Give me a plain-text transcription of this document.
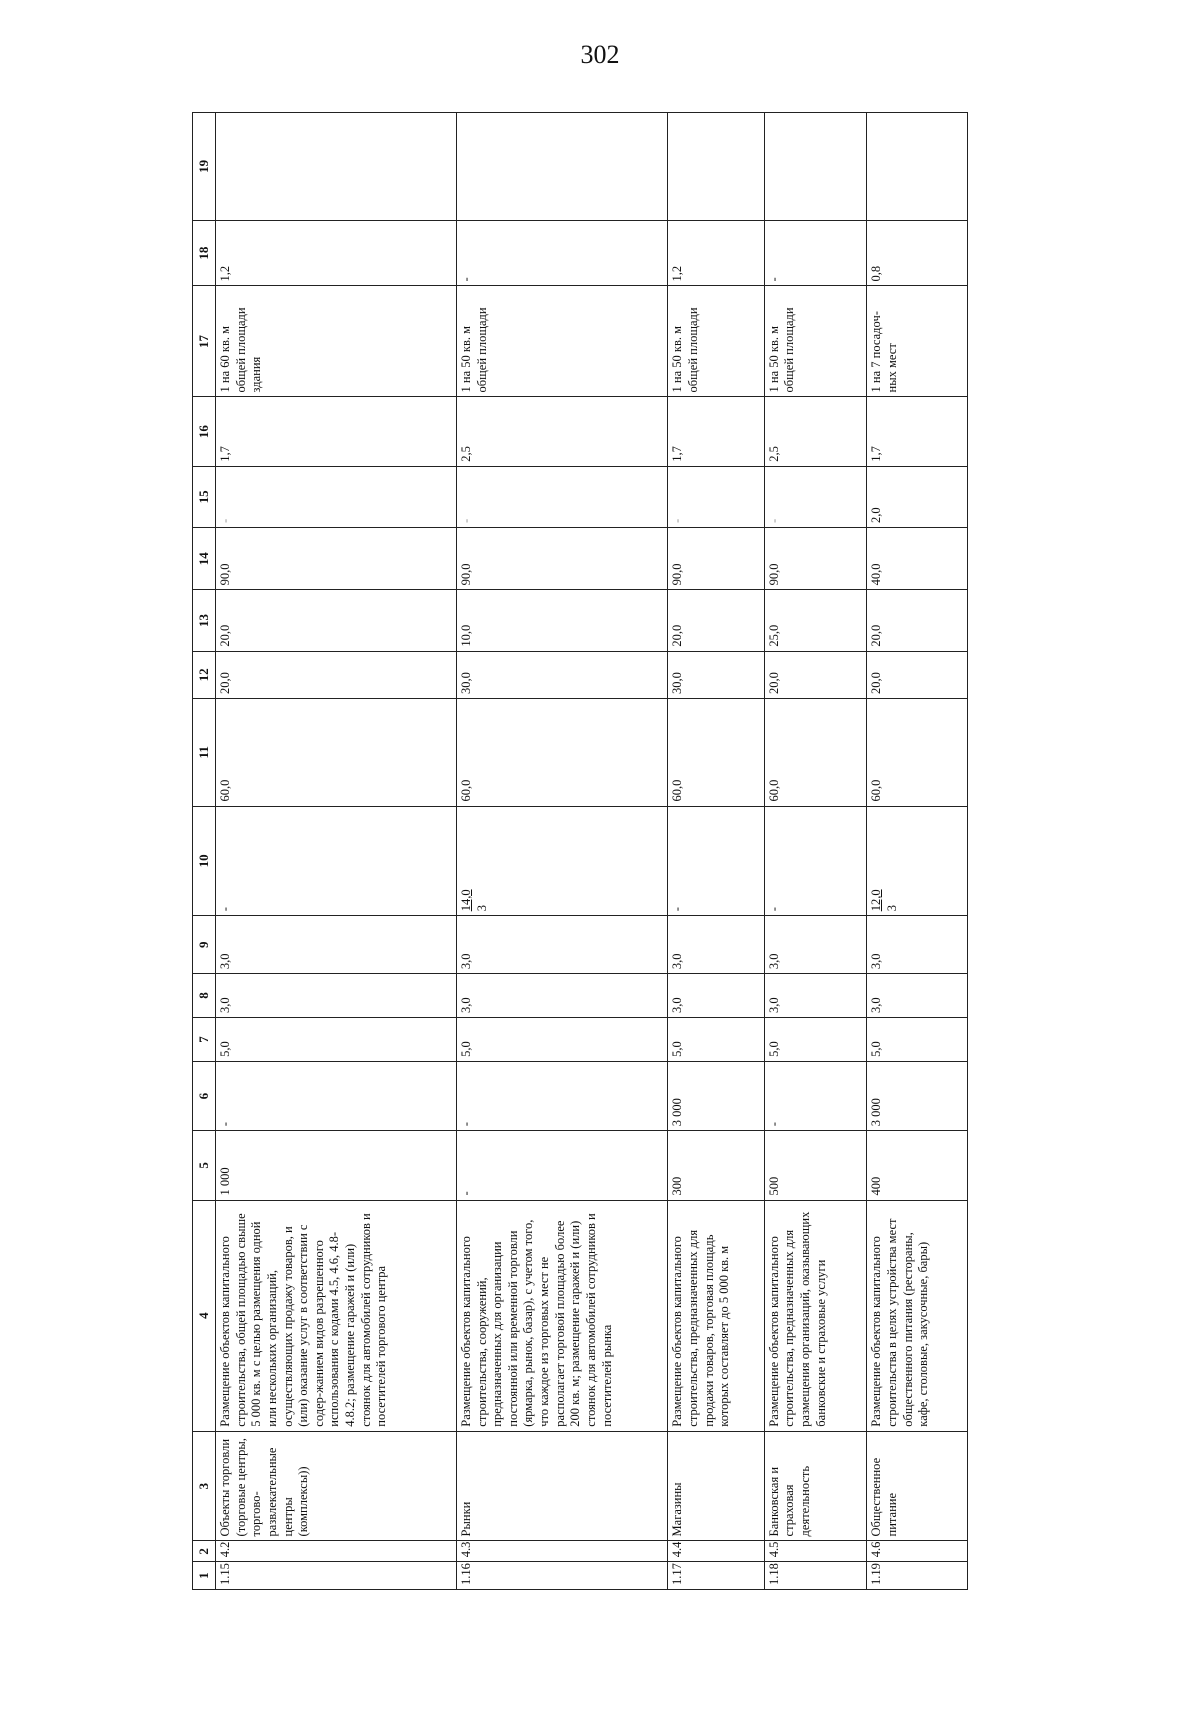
302
1	2	3	4	5	6	7	8	9	10	11	12	13	14	15	16	17	18	19
1.15	4.2	Объекты торговли (торговые центры, торгово-развлекательные центры (комплексы))	Размещение объектов капитального строительства, общей площадью свыше 5 000 кв. м с целью размещения одной или нескольких организаций, осуществляющих продажу товаров, и (или) оказание услуг в соответствии с содер-жанием видов разрешенного использования с кодами 4.5, 4.6, 4.8-4.8.2; размещение гаражей и (или) стоянок для автомобилей сотрудников и посетителей торгового центра	1 000	-	5,0	3,0	3,0	-	60,0	20,0	20,0	90,0	-	1,7	1 на 60 кв. м общей площади здания	1,2	
1.16	4.3	Рынки	Размещение объектов капитального строительства, сооружений, предназначенных для организации постоянной или временной торговли (ярмарка, рынок, базар), с учетом того, что каждое из торговых мест не располагает торговой площадью более 200 кв. м; размещение гаражей и (или) стоянок для автомобилей сотрудников и посетителей рынка	-	-	5,0	3,0	3,0	14,0 3	60,0	30,0	10,0	90,0	-	2,5	1 на 50 кв. м общей площади	-	
1.17	4.4	Магазины	Размещение объектов капитального строительства, предназначенных для продажи товаров, торговая площадь которых составляет до 5 000 кв. м	300	3 000	5,0	3,0	3,0	-	60,0	30,0	20,0	90,0	-	1,7	1 на 50 кв. м общей площади	1,2	
1.18	4.5	Банковская и страховая деятельность	Размещение объектов капитального строительства, предназначенных для размещения организаций, оказывающих банковские и страховые услуги	500	-	5,0	3,0	3,0	-	60,0	20,0	25,0	90,0	-	2,5	1 на 50 кв. м общей площади	-	
1.19	4.6	Общественное питание	Размещение объектов капитального строительства в целях устройства мест общественного питания (рестораны, кафе, столовые, закусочные, бары)	400	3 000	5,0	3,0	3,0	12,0 3	60,0	20,0	20,0	40,0	2,0	1,7	1 на 7 посадоч-ных мест	0,8	
